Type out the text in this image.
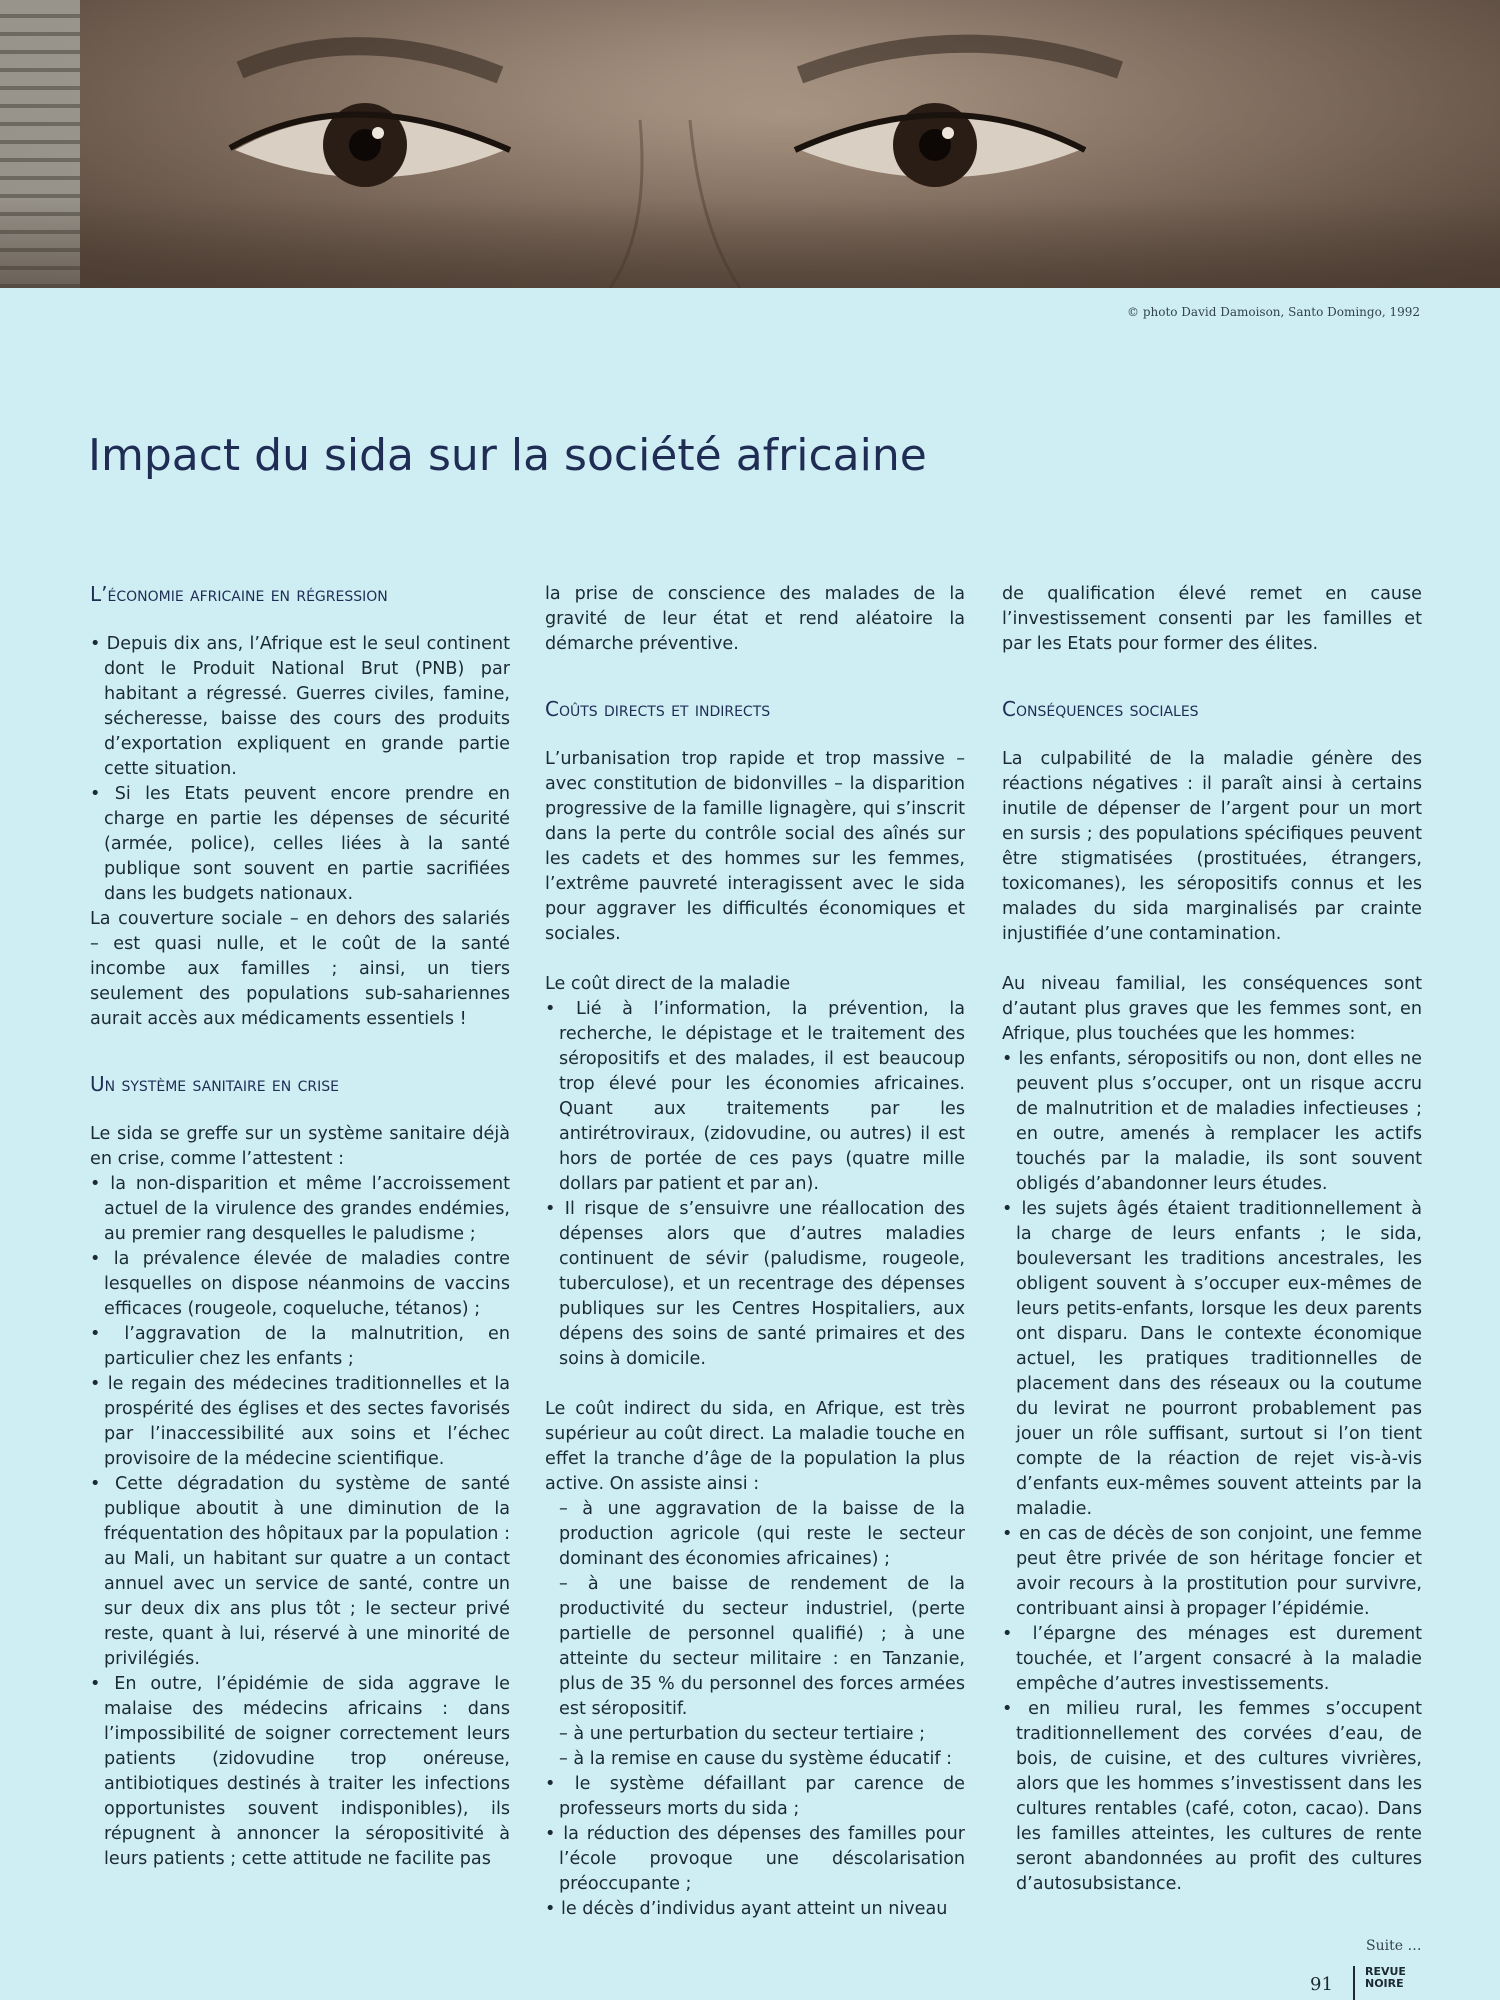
© photo David Damoison, Santo Domingo, 1992
Impact du sida sur la société africaine
L’économie africaine en régression

• Depuis dix ans, l’Afrique est le seul continent dont le Produit National Brut (PNB) par habitant a régressé. Guerres civiles, famine, sécheresse, baisse des cours des produits d’exportation expliquent en grande partie cette situation.

• Si les Etats peuvent encore prendre en charge en partie les dépenses de sécurité (armée, police), celles liées à la santé publique sont souvent en partie sacrifiées dans les budgets nationaux.

La couverture sociale – en dehors des salariés – est quasi nulle, et le coût de la santé incombe aux familles ; ainsi, un tiers seulement des populations sub-sahariennes aurait accès aux médicaments essentiels !

Un système sanitaire en crise

Le sida se greffe sur un système sanitaire déjà en crise, comme l’attestent :

• la non-disparition et même l’accroissement actuel de la virulence des grandes endémies, au premier rang desquelles le paludisme ;

• la prévalence élevée de maladies contre lesquelles on dispose néanmoins de vaccins efficaces (rougeole, coqueluche, tétanos) ;

• l’aggravation de la malnutrition, en particulier chez les enfants ;

• le regain des médecines traditionnelles et la prospérité des églises et des sectes favorisés par l’inaccessibilité aux soins et l’échec provisoire de la médecine scientifique.

• Cette dégradation du système de santé publique aboutit à une diminution de la fréquentation des hôpitaux par la population : au Mali, un habitant sur quatre a un contact annuel avec un service de santé, contre un sur deux dix ans plus tôt ; le secteur privé reste, quant à lui, réservé à une minorité de privilégiés.

• En outre, l’épidémie de sida aggrave le malaise des médecins africains : dans l’impossibilité de soigner correctement leurs patients (zidovudine trop onéreuse, antibiotiques destinés à traiter les infections opportunistes souvent indisponibles), ils répugnent à annoncer la séropositivité à leurs patients ; cette attitude ne facilite pas

la prise de conscience des malades de la gravité de leur état et rend aléatoire la démarche préventive.

Coûts directs et indirects

L’urbanisation trop rapide et trop massive – avec constitution de bidonvilles – la disparition progressive de la famille lignagère, qui s’inscrit dans la perte du contrôle social des aînés sur les cadets et des hommes sur les femmes, l’extrême pauvreté interagissent avec le sida pour aggraver les difficultés économiques et sociales.

Le coût direct de la maladie

• Lié à l’information, la prévention, la recherche, le dépistage et le traitement des séropositifs et des malades, il est beaucoup trop élevé pour les économies africaines. Quant aux traitements par les antirétroviraux, (zidovudine, ou autres) il est hors de portée de ces pays (quatre mille dollars par patient et par an).

• Il risque de s’ensuivre une réallocation des dépenses alors que d’autres maladies continuent de sévir (paludisme, rougeole, tuberculose), et un recentrage des dépenses publiques sur les Centres Hospitaliers, aux dépens des soins de santé primaires et des soins à domicile.

Le coût indirect du sida, en Afrique, est très supérieur au coût direct. La maladie touche en effet la tranche d’âge de la population la plus active. On assiste ainsi :

– à une aggravation de la baisse de la production agricole (qui reste le secteur dominant des économies africaines) ;

– à une baisse de rendement de la productivité du secteur industriel, (perte partielle de personnel qualifié) ; à une atteinte du secteur militaire : en Tanzanie, plus de 35 % du personnel des forces armées est séropositif.

– à une perturbation du secteur tertiaire ;

– à la remise en cause du système éducatif :

• le système défaillant par carence de professeurs morts du sida ;

• la réduction des dépenses des familles pour l’école provoque une déscolarisation préoccupante ;

• le décès d’individus ayant atteint un niveau

de qualification élevé remet en cause l’investissement consenti par les familles et par les Etats pour former des élites.

Conséquences sociales

La culpabilité de la maladie génère des réactions négatives : il paraît ainsi à certains inutile de dépenser de l’argent pour un mort en sursis ; des populations spécifiques peuvent être stigmatisées (prostituées, étrangers, toxicomanes), les séropositifs connus et les malades du sida marginalisés par crainte injustifiée d’une contamination.

Au niveau familial, les conséquences sont d’autant plus graves que les femmes sont, en Afrique, plus touchées que les hommes:

• les enfants, séropositifs ou non, dont elles ne peuvent plus s’occuper, ont un risque accru de malnutrition et de maladies infectieuses ; en outre, amenés à remplacer les actifs touchés par la maladie, ils sont souvent obligés d’abandonner leurs études.

• les sujets âgés étaient traditionnellement à la charge de leurs enfants ; le sida, bouleversant les traditions ancestrales, les obligent souvent à s’occuper eux-mêmes de leurs petits-enfants, lorsque les deux parents ont disparu. Dans le contexte économique actuel, les pratiques traditionnelles de placement dans des réseaux ou la coutume du levirat ne pourront probablement pas jouer un rôle suffisant, surtout si l’on tient compte de la réaction de rejet vis-à-vis d’enfants eux-mêmes souvent atteints par la maladie.

• en cas de décès de son conjoint, une femme peut être privée de son héritage foncier et avoir recours à la prostitution pour survivre, contribuant ainsi à propager l’épidémie.

• l’épargne des ménages est durement touchée, et l’argent consacré à la maladie empêche d’autres investissements.

• en milieu rural, les femmes s’occupent traditionnellement des corvées d’eau, de bois, de cuisine, et des cultures vivrières, alors que les hommes s’investissent dans les cultures rentables (café, coton, cacao). Dans les familles atteintes, les cultures de rente seront abandonnées au profit des cultures d’autosubsistance.

Suite …
91
REVUE
NOIRE
